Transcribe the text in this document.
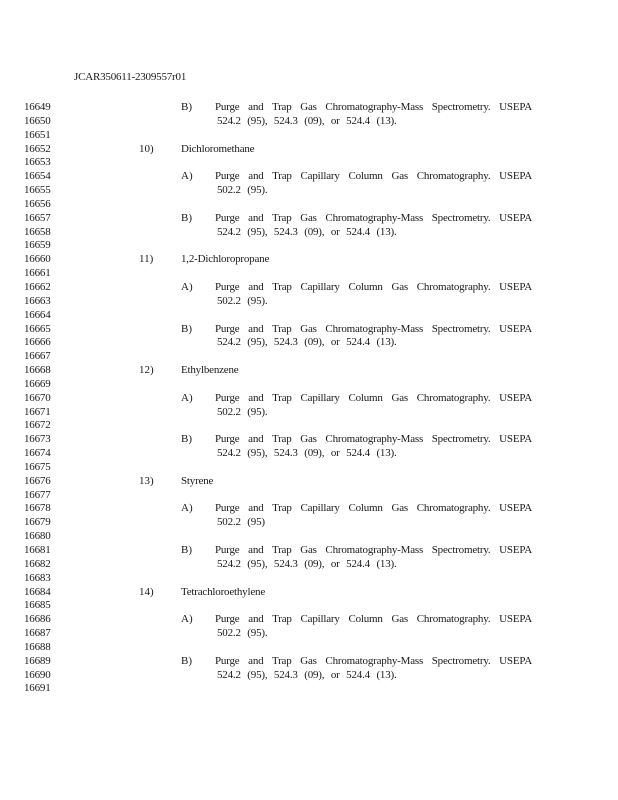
JCAR350611-2309557r01
16649	B) Purge and Trap Gas Chromatography-Mass Spectrometry. USEPA
16650	524.2 (95), 524.3 (09), or 524.4 (13).
16651
16652	10) Dichloromethane
16653
16654	A) Purge and Trap Capillary Column Gas Chromatography. USEPA
16655	502.2 (95).
16656
16657	B) Purge and Trap Gas Chromatography-Mass Spectrometry. USEPA
16658	524.2 (95), 524.3 (09), or 524.4 (13).
16659
16660	11)	1,2-Dichloropropane
16661
16662	A) Purge and Trap Capillary Column Gas Chromatography. USEPA
16663	502.2 (95).
16664
16665	B) Purge and Trap Gas Chromatography-Mass Spectrometry. USEPA
16666	524.2 (95), 524.3 (09), or 524.4 (13).
16667
16668	12) Ethylbenzene
16669
16670	A) Purge and Trap Capillary Column Gas Chromatography. USEPA
16671	502.2 (95).
16672
16673	B) Purge and Trap Gas Chromatography-Mass Spectrometry. USEPA
16674	524.2 (95), 524.3 (09), or 524.4 (13).
16675
16676	13) Styrene
16677
16678	A) Purge and Trap Capillary Column Gas Chromatography. USEPA
16679	502.2 (95)
16680
16681	B) Purge and Trap Gas Chromatography-Mass Spectrometry. USEPA
16682	524.2 (95), 524.3 (09), or 524.4 (13).
16683
16684	14) Tetrachloroethylene
16685
16686	A) Purge and Trap Capillary Column Gas Chromatography. USEPA
16687	502.2 (95).
16688
16689	B) Purge and Trap Gas Chromatography-Mass Spectrometry. USEPA
16690	524.2 (95), 524.3 (09), or 524.4 (13).
16691
